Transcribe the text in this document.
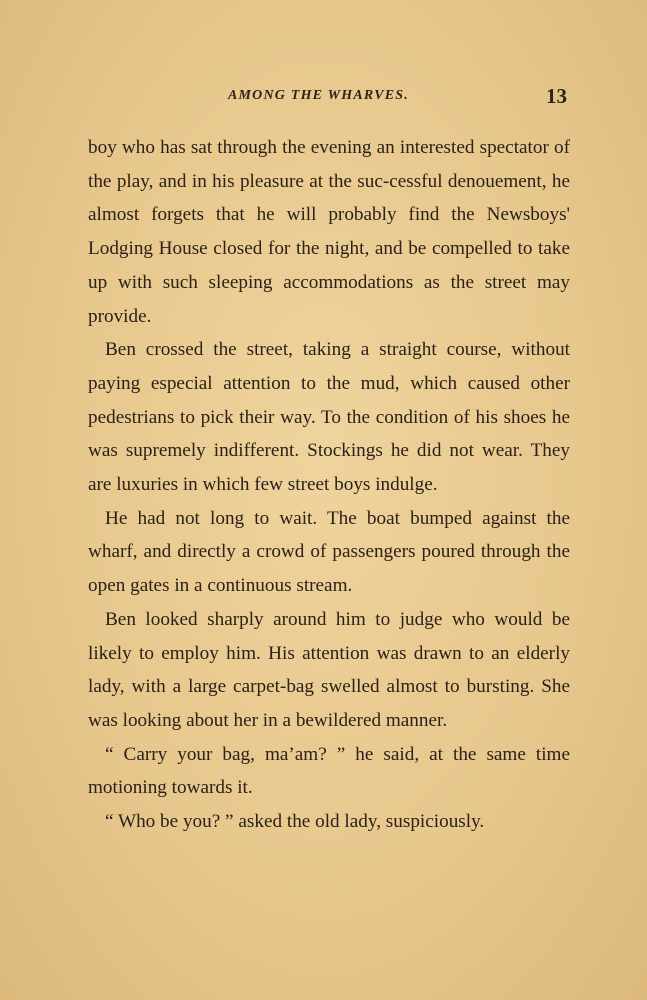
AMONG THE WHARVES.	13

boy who has sat through the evening an interested spectator of the play, and in his pleasure at the suc-cessful denouement, he almost forgets that he will probably find the Newsboys' Lodging House closed for the night, and be compelled to take up with such sleeping accommodations as the street may provide.

Ben crossed the street, taking a straight course, without paying especial attention to the mud, which caused other pedestrians to pick their way. To the condition of his shoes he was supremely indifferent. Stockings he did not wear. They are luxuries in which few street boys indulge.

He had not long to wait. The boat bumped against the wharf, and directly a crowd of passengers poured through the open gates in a continuous stream.

Ben looked sharply around him to judge who would be likely to employ him. His attention was drawn to an elderly lady, with a large carpet-bag swelled almost to bursting. She was looking about her in a bewildered manner.

“ Carry your bag, ma’am? ” he said, at the same time motioning towards it.

“ Who be you? ” asked the old lady, suspiciously.
